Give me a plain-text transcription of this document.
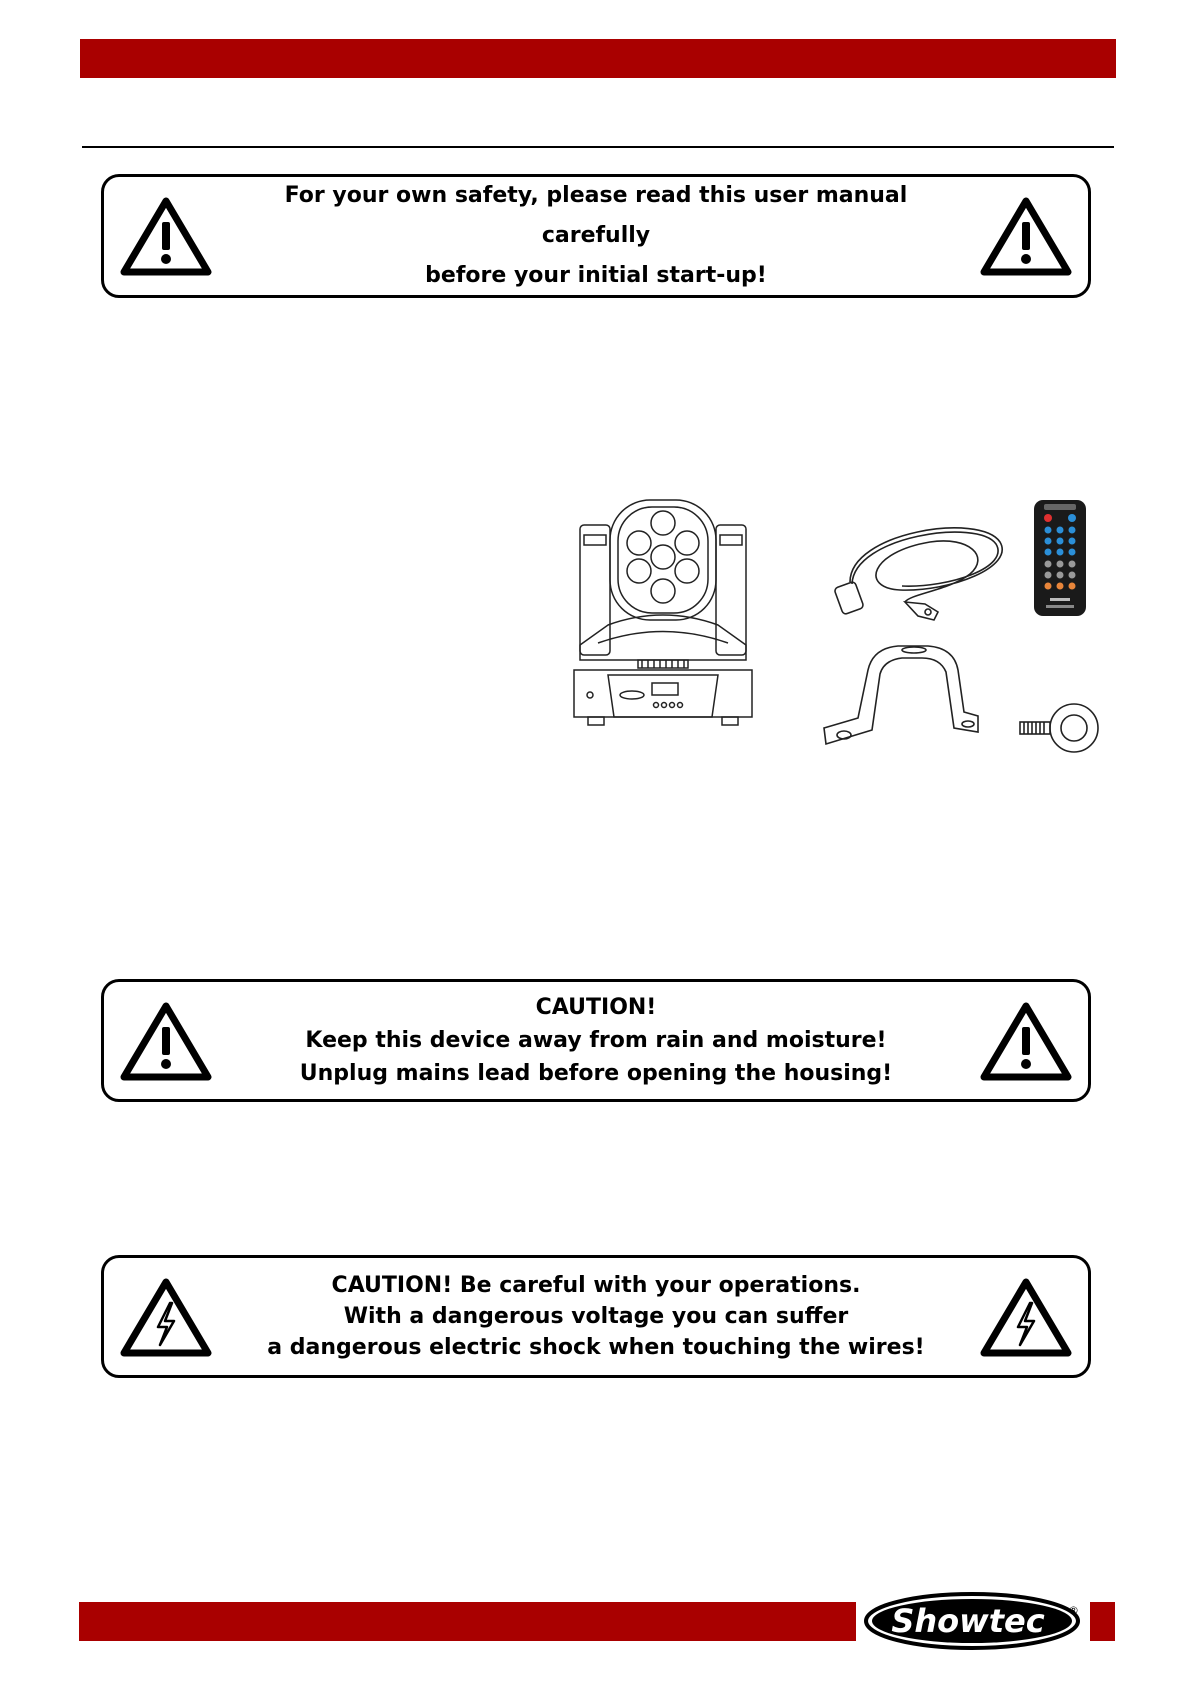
For your own safety, please read this user manual carefully
before your initial start-up!
CAUTION!
Keep this device away from rain and moisture!
Unplug mains lead before opening the housing!
CAUTION! Be careful with your operations.
With a dangerous voltage you can suffer
a dangerous electric shock when touching the wires!
Showtec ®
